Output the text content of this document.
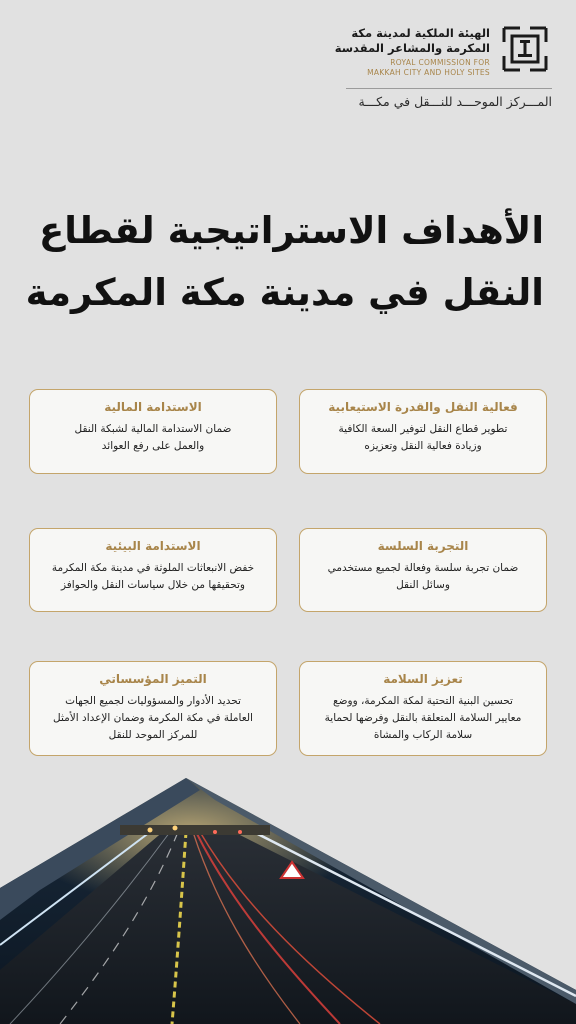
الهيئة الملكية لمدينة مكة
المكرمة والمشاعر المقدسة
ROYAL COMMISSION FOR
MAKKAH CITY AND HOLY SITES
المـــركز الموحـــد للنـــقل في مكـــة
الأهداف الاستراتيجية لقطاع
النقل في مدينة مكة المكرمة
فعالية النقل والقدرة الاستيعابية
تطوير قطاع النقل لتوفير السعة الكافية
وزيادة فعالية النقل وتعزيزه
الاستدامة المالية
ضمان الاستدامة المالية لشبكة النقل
والعمل على رفع العوائد
التجربة السلسة
ضمان تجربة سلسة وفعالة لجميع مستخدمي
وسائل النقل
الاستدامة البيئية
خفض الانبعاثات الملوثة في مدينة مكة المكرمة
وتحقيقها من خلال سياسات النقل والحوافز
تعزيز السلامة
تحسين البنية التحتية لمكة المكرمة، ووضع
معايير السلامة المتعلقة بالنقل وفرضها لحماية
سلامة الركاب والمشاة
التميز المؤسساتي
تحديد الأدوار والمسؤوليات لجميع الجهات
العاملة في مكة المكرمة وضمان الإعداد الأمثل
للمركز الموحد للنقل
